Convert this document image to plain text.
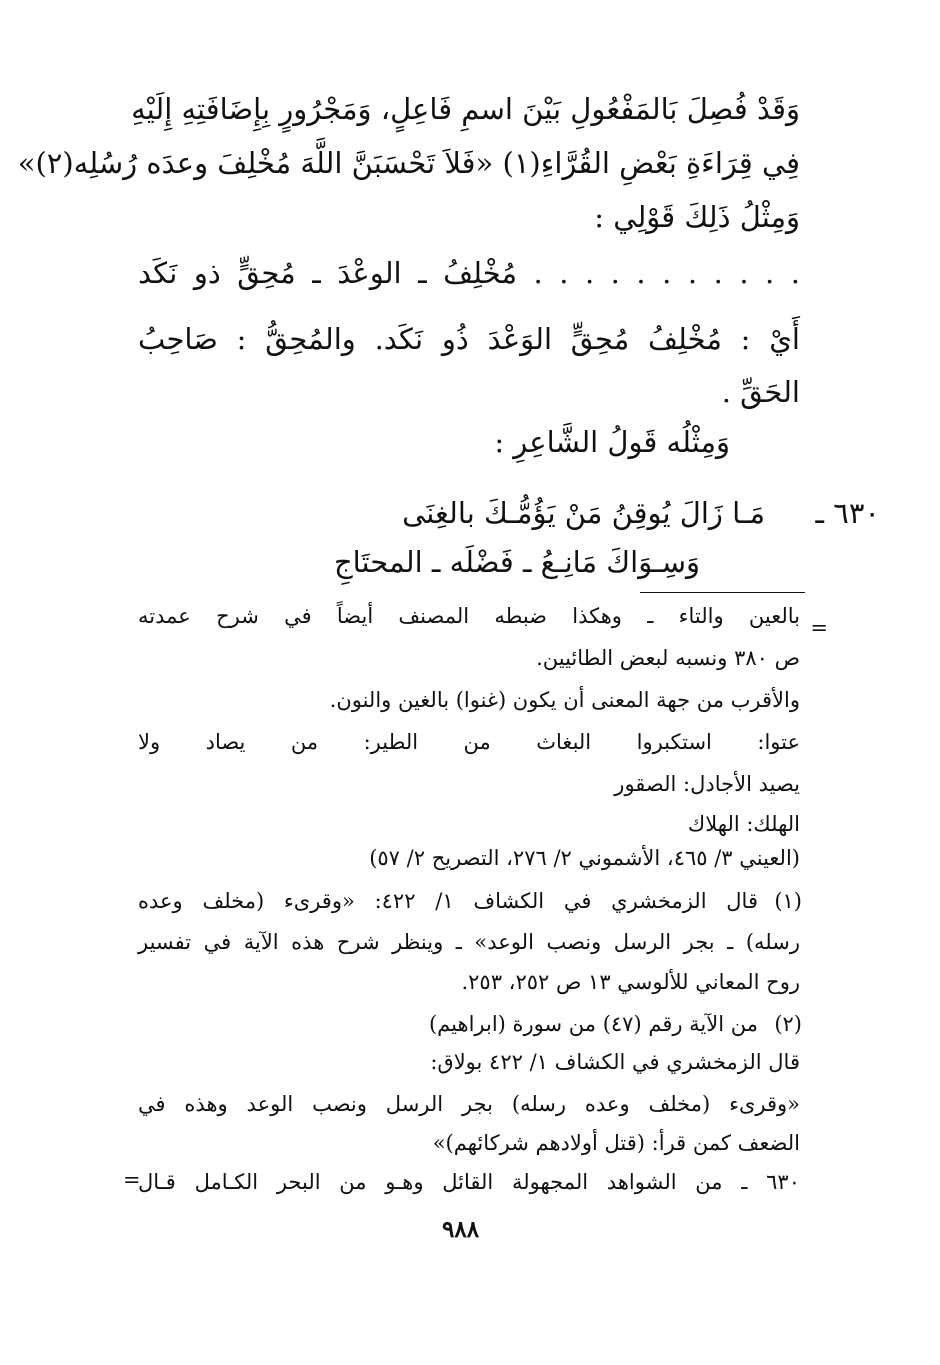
وَقَدْ فُصِلَ بَالمَفْعُولِ بَيْنَ اسمِ فَاعِلٍ، وَمَجْرُورٍ بِإِضَافَتِهِ إِلَيْهِ
فِي قِرَاءَةِ بَعْضِ القُرَّاءِ(١) «فَلاَ تَحْسَبَنَّ اللَّهَ مُخْلِفَ وعدَه رُسُلِه(٢)»
وَمِثْلُ ذَلِكَ قَوْلِي :
. . . . . . . . . . . مُخْلِفُ ـ الوعْدَ ـ مُحِقٍّ ذو نَكَد
أَيْ : مُخْلِفُ مُحِقٍّ الوَعْدَ ذُو نَكَد. والمُحِقُّ : صَاحِبُ
الحَقِّ .
وَمِثْلُه قَولُ الشَّاعِرِ :
٦٣٠ ـ
مَـا زَالَ يُوقِنُ مَنْ يَؤُمُّـكَ بالغِنَى
وَسِـوَاكَ مَانِـعُ ـ فَضْلَه ـ المحتَاجِ
=
بالعين والتاء ـ وهكذا ضبطه المصنف أيضاً في شرح عمدته
ص ٣٨٠ ونسبه لبعض الطائيين.
والأقرب من جهة المعنى أن يكون (غنوا) بالغين والنون.
عتوا: استكبروا البغاث من الطير: من يصاد ولا
يصيد الأجادل: الصقور
الهلك: الهلاك
(العيني ٣/ ٤٦٥، الأشموني ٢/ ٢٧٦، التصريح ٢/ ٥٧)
(١)
قال الزمخشري في الكشاف ١/ ٤٢٢: «وقرىء (مخلف وعده
رسله) ـ بجر الرسل ونصب الوعد» ـ وينظر شرح هذه الآية في تفسير
روح المعاني للألوسي ١٣ ص ٢٥٢، ٢٥٣.
(٢)
من الآية رقم (٤٧) من سورة (ابراهيم)
قال الزمخشري في الكشاف ١/ ٤٢٢ بولاق:
«وقرىء (مخلف وعده رسله) بجر الرسل ونصب الوعد وهذه في
الضعف كمن قرأ: (قتل أولادهم شركائهم)»
٦٣٠ ـ من الشواهد المجهولة القائل وهـو من البحر الكـامل قـال
=
٩٨٨
